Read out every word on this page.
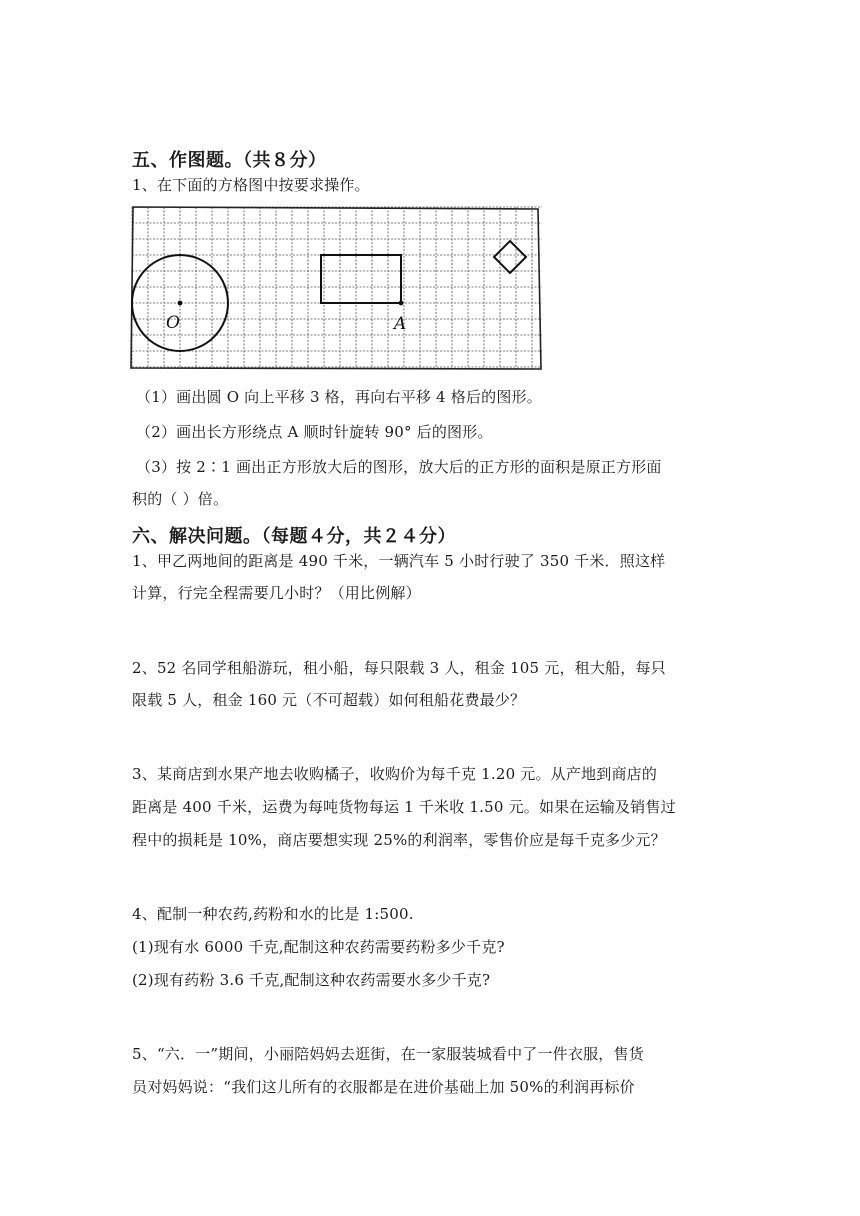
五、作图题。（共８分）
1、在下面的方格图中按要求操作。
O	A
（1）画出圆 O 向上平移 3 格，再向右平移 4 格后的图形。
（2）画出长方形绕点 A 顺时针旋转 90° 后的图形。
（3）按 2∶1 画出正方形放大后的图形，放大后的正方形的面积是原正方形面
积的（ ）倍。
六、解决问题。（每题４分，共２４分）
1、甲乙两地间的距离是 490 千米，一辆汽车 5 小时行驶了 350 千米．照这样
计算，行完全程需要几小时？（用比例解）
2、52 名同学租船游玩，租小船，每只限载 3 人，租金 105 元，租大船，每只
限载 5 人，租金 160 元（不可超载）如何租船花费最少？
3、某商店到水果产地去收购橘子，收购价为每千克 1.20 元。从产地到商店的
距离是 400 千米，运费为每吨货物每运 1 千米收 1.50 元。如果在运输及销售过
程中的损耗是 10%，商店要想实现 25%的利润率，零售价应是每千克多少元？
4、配制一种农药,药粉和水的比是 1:500.
(1)现有水 6000 千克,配制这种农药需要药粉多少千克?
(2)现有药粉 3.6 千克,配制这种农药需要水多少千克?
5、“六．一”期间，小丽陪妈妈去逛街，在一家服装城看中了一件衣服，售货
员对妈妈说：“我们这儿所有的衣服都是在进价基础上加 50%的利润再标价
